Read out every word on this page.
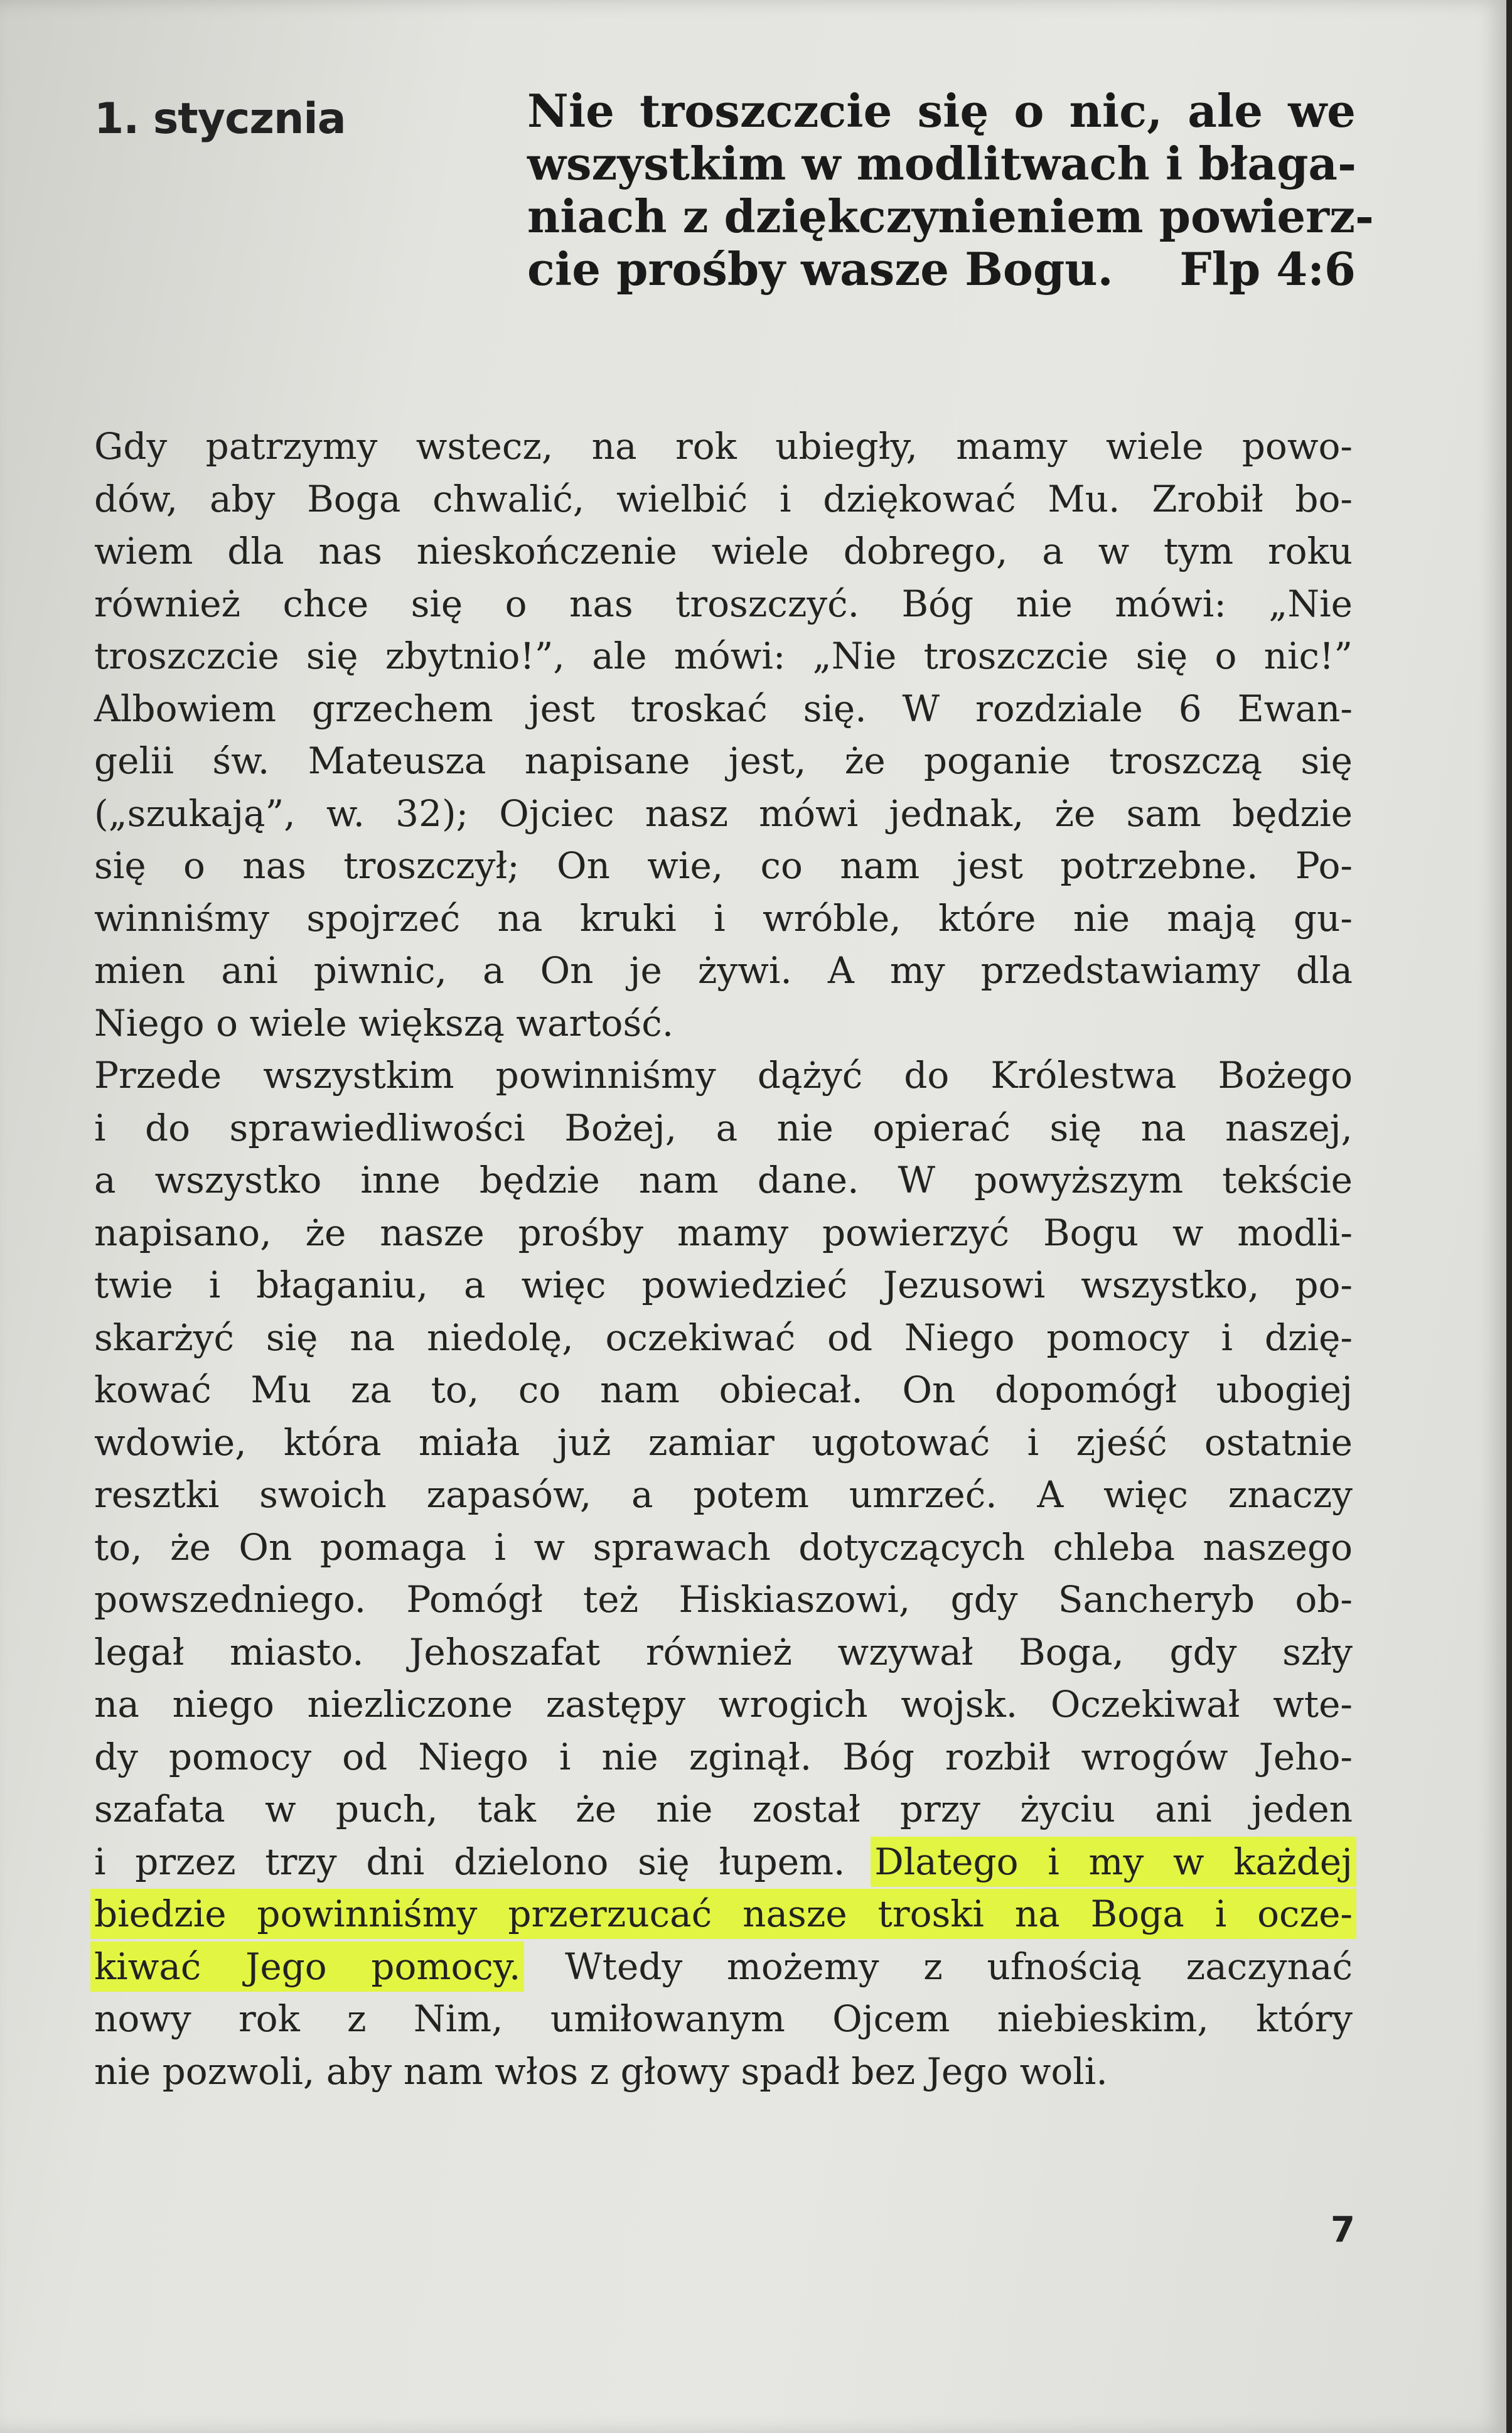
1. stycznia	Nie troszczcie się o nic, ale we
wszystkim w modlitwach i błaga-
niach z dziękczynieniem powierz-
cie prośby wasze Bogu. Flp 4:6
Gdy patrzymy wstecz, na rok ubiegły, mamy wiele powo-
dów, aby Boga chwalić, wielbić i dziękować Mu. Zrobił bo-
wiem dla nas nieskończenie wiele dobrego, a w tym roku
również chce się o nas troszczyć. Bóg nie mówi: „Nie
troszczcie się zbytnio!”, ale mówi: „Nie troszczcie się o nic!”
Albowiem grzechem jest troskać się. W rozdziale 6 Ewan-
gelii św. Mateusza napisane jest, że poganie troszczą się
(„szukają”, w. 32); Ojciec nasz mówi jednak, że sam będzie
się o nas troszczył; On wie, co nam jest potrzebne. Po-
winniśmy spojrzeć na kruki i wróble, które nie mają gu-
mien ani piwnic, a On je żywi. A my przedstawiamy dla
Niego o wiele większą wartość.
Przede wszystkim powinniśmy dążyć do Królestwa Bożego
i do sprawiedliwości Bożej, a nie opierać się na naszej,
a wszystko inne będzie nam dane. W powyższym tekście
napisano, że nasze prośby mamy powierzyć Bogu w modli-
twie i błaganiu, a więc powiedzieć Jezusowi wszystko, po-
skarżyć się na niedolę, oczekiwać od Niego pomocy i dzię-
kować Mu za to, co nam obiecał. On dopomógł ubogiej
wdowie, która miała już zamiar ugotować i zjeść ostatnie
resztki swoich zapasów, a potem umrzeć. A więc znaczy
to, że On pomaga i w sprawach dotyczących chleba naszego
powszedniego. Pomógł też Hiskiaszowi, gdy Sancheryb ob-
legał miasto. Jehoszafat również wzywał Boga, gdy szły
na niego niezliczone zastępy wrogich wojsk. Oczekiwał wte-
dy pomocy od Niego i nie zginął. Bóg rozbił wrogów Jeho-
szafata w puch, tak że nie został przy życiu ani jeden
i przez trzy dni dzielono się łupem. Dlatego i my w każdej
biedzie powinniśmy przerzucać nasze troski na Boga i ocze-
kiwać Jego pomocy. Wtedy możemy z ufnością zaczynać
nowy rok z Nim, umiłowanym Ojcem niebieskim, który
nie pozwoli, aby nam włos z głowy spadł bez Jego woli.
7
